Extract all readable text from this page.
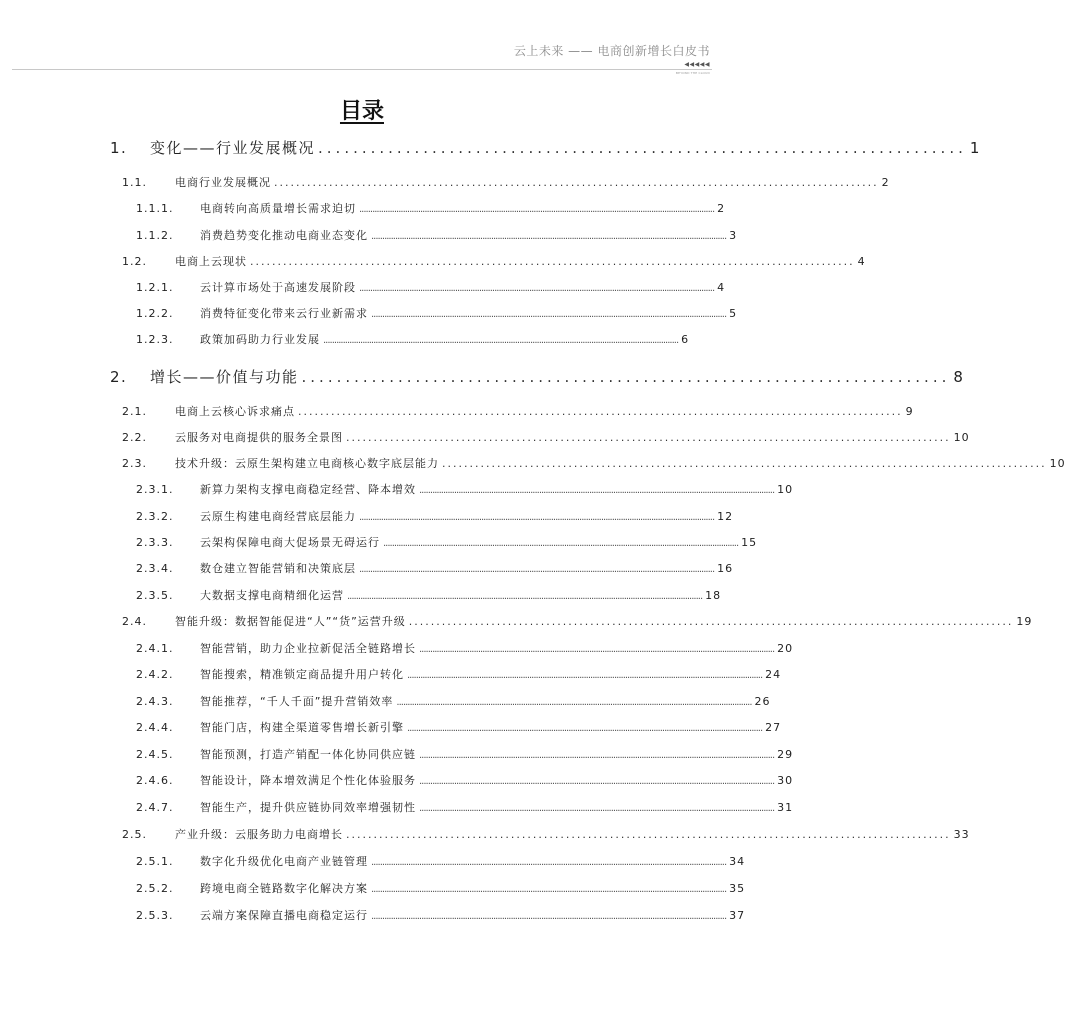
云上未来 —— 电商创新增长白皮书
◀◀◀◀◀
BEYOND THE CLOUD
目录
1.	变化——行业发展概况 .......................................................................... 1
1.1.	电商行业发展概况 .............................................................................................................. 2
1.1.1.	电商转向高质量增长需求迫切 ................................................................................................................................................................... 2
1.1.2.	消费趋势变化推动电商业态变化 ................................................................................................................................................................... 3
1.2.	电商上云现状 .............................................................................................................. 4
1.2.1.	云计算市场处于高速发展阶段 ................................................................................................................................................................... 4
1.2.2.	消费特征变化带来云行业新需求 ................................................................................................................................................................... 5
1.2.3.	政策加码助力行业发展 ................................................................................................................................................................... 6
2.	增长——价值与功能 .......................................................................... 8
2.1.	电商上云核心诉求痛点 .............................................................................................................. 9
2.2.	云服务对电商提供的服务全景图 .............................................................................................................. 10
2.3.	技术升级：云原生架构建立电商核心数字底层能力 .............................................................................................................. 10
2.3.1.	新算力架构支撑电商稳定经营、降本增效 ................................................................................................................................................................... 10
2.3.2.	云原生构建电商经营底层能力 ................................................................................................................................................................... 12
2.3.3.	云架构保障电商大促场景无碍运行 ................................................................................................................................................................... 15
2.3.4.	数仓建立智能营销和决策底层 ................................................................................................................................................................... 16
2.3.5.	大数据支撑电商精细化运营 ................................................................................................................................................................... 18
2.4.	智能升级：数据智能促进“人”“货”运营升级 .............................................................................................................. 19
2.4.1.	智能营销，助力企业拉新促活全链路增长 ................................................................................................................................................................... 20
2.4.2.	智能搜索，精准锁定商品提升用户转化 ................................................................................................................................................................... 24
2.4.3.	智能推荐，“千人千面”提升营销效率 ................................................................................................................................................................... 26
2.4.4.	智能门店，构建全渠道零售增长新引擎 ................................................................................................................................................................... 27
2.4.5.	智能预测，打造产销配一体化协同供应链 ................................................................................................................................................................... 29
2.4.6.	智能设计，降本增效满足个性化体验服务 ................................................................................................................................................................... 30
2.4.7.	智能生产，提升供应链协同效率增强韧性 ................................................................................................................................................................... 31
2.5.	产业升级：云服务助力电商增长 .............................................................................................................. 33
2.5.1.	数字化升级优化电商产业链管理 ................................................................................................................................................................... 34
2.5.2.	跨境电商全链路数字化解决方案 ................................................................................................................................................................... 35
2.5.3.	云端方案保障直播电商稳定运行 ................................................................................................................................................................... 37
